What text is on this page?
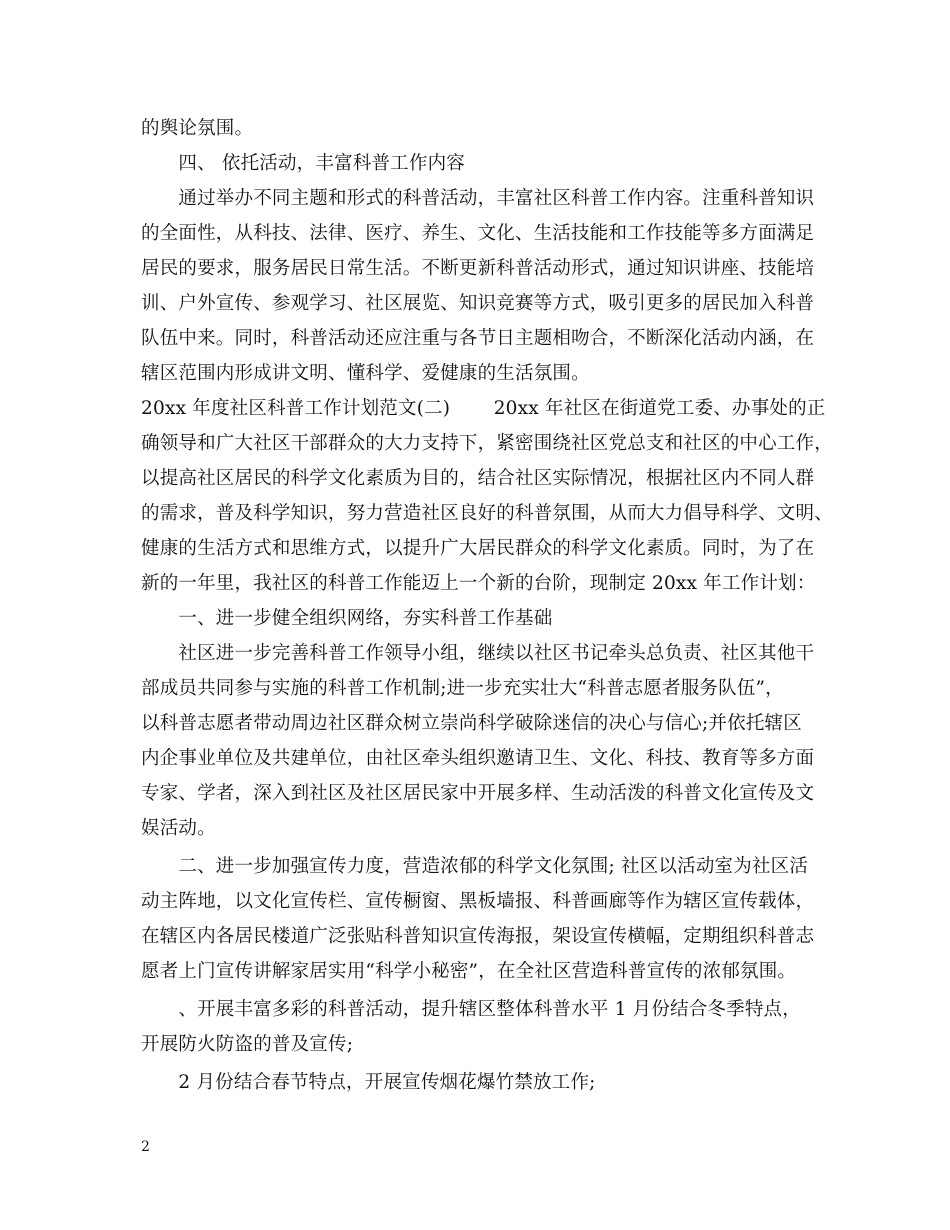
的舆论氛围。
　　四、 依托活动，丰富科普工作内容
　　通过举办不同主题和形式的科普活动，丰富社区科普工作内容。注重科普知识
的全面性，从科技、法律、医疗、养生、文化、生活技能和工作技能等多方面满足
居民的要求，服务居民日常生活。不断更新科普活动形式，通过知识讲座、技能培
训、户外宣传、参观学习、社区展览、知识竞赛等方式，吸引更多的居民加入科普
队伍中来。同时，科普活动还应注重与各节日主题相吻合，不断深化活动内涵，在
辖区范围内形成讲文明、懂科学、爱健康的生活氛围。
20xx 年度社区科普工作计划范文(二)　　 20xx 年社区在街道党工委、办事处的正
确领导和广大社区干部群众的大力支持下，紧密围绕社区党总支和社区的中心工作，
以提高社区居民的科学文化素质为目的，结合社区实际情况，根据社区内不同人群
的需求，普及科学知识，努力营造社区良好的科普氛围，从而大力倡导科学、文明、
健康的生活方式和思维方式，以提升广大居民群众的科学文化素质。同时，为了在
新的一年里，我社区的科普工作能迈上一个新的台阶，现制定 20xx 年工作计划：
　　一、进一步健全组织网络，夯实科普工作基础
　　社区进一步完善科普工作领导小组，继续以社区书记牵头总负责、社区其他干
部成员共同参与实施的科普工作机制;进一步充实壮大“科普志愿者服务队伍”，
以科普志愿者带动周边社区群众树立崇尚科学破除迷信的决心与信心;并依托辖区
内企事业单位及共建单位，由社区牵头组织邀请卫生、文化、科技、教育等多方面
专家、学者，深入到社区及社区居民家中开展多样、生动活泼的科普文化宣传及文
娱活动。
　　二、进一步加强宣传力度，营造浓郁的科学文化氛围; 社区以活动室为社区活
动主阵地，以文化宣传栏、宣传橱窗、黑板墙报、科普画廊等作为辖区宣传载体，
在辖区内各居民楼道广泛张贴科普知识宣传海报，架设宣传横幅，定期组织科普志
愿者上门宣传讲解家居实用“科学小秘密”，在全社区营造科普宣传的浓郁氛围。
　　、开展丰富多彩的科普活动，提升辖区整体科普水平 1 月份结合冬季特点，
开展防火防盗的普及宣传;
　　2 月份结合春节特点，开展宣传烟花爆竹禁放工作;
2
